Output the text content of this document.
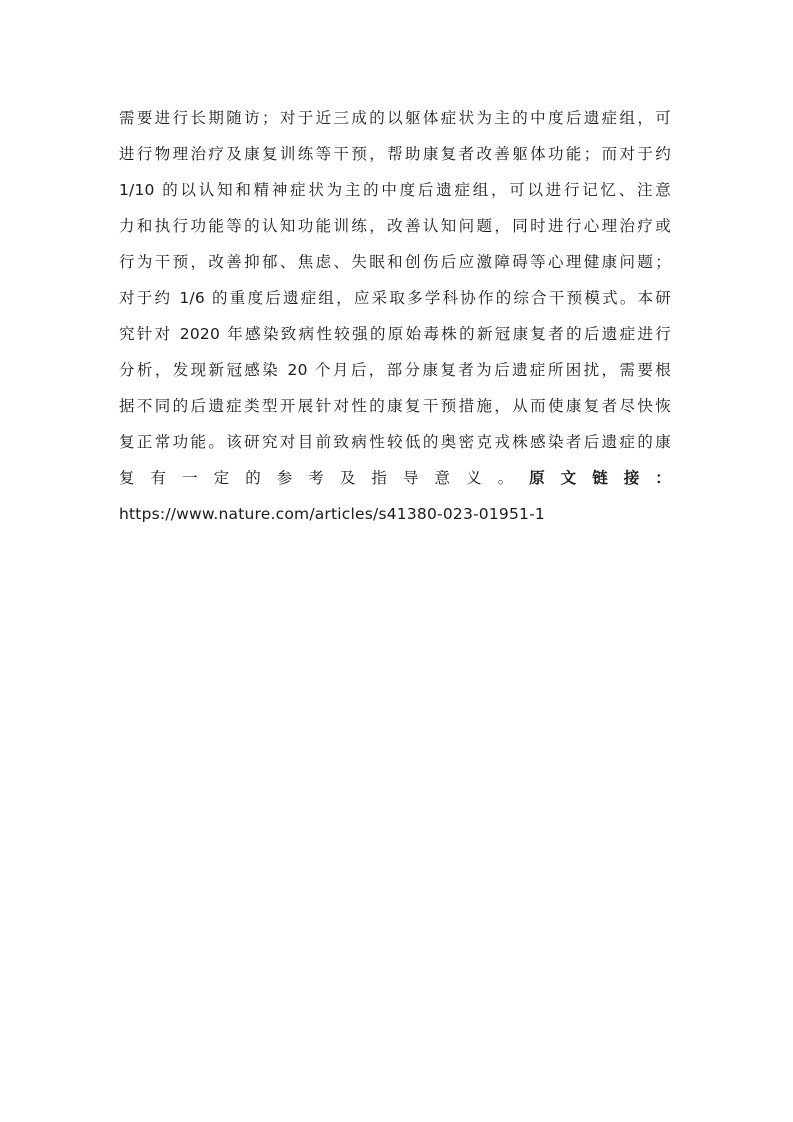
需要进行长期随访；对于近三成的以躯体症状为主的中度后遗症组，可
进行物理治疗及康复训练等干预，帮助康复者改善躯体功能；而对于约
1/10 的以认知和精神症状为主的中度后遗症组，可以进行记忆、注意
力和执行功能等的认知功能训练，改善认知问题，同时进行心理治疗或
行为干预，改善抑郁、焦虑、失眠和创伤后应激障碍等心理健康问题；
对于约 1/6 的重度后遗症组，应采取多学科协作的综合干预模式。本研
究针对 2020 年感染致病性较强的原始毒株的新冠康复者的后遗症进行
分析，发现新冠感染 20 个月后，部分康复者为后遗症所困扰，需要根
据不同的后遗症类型开展针对性的康复干预措施，从而使康复者尽快恢
复正常功能。该研究对目前致病性较低的奥密克戎株感染者后遗症的康
复 有 一 定 的 参 考 及 指 导 意 义 。 原 文 链 接 ：
https://www.nature.com/articles/s41380-023-01951-1
